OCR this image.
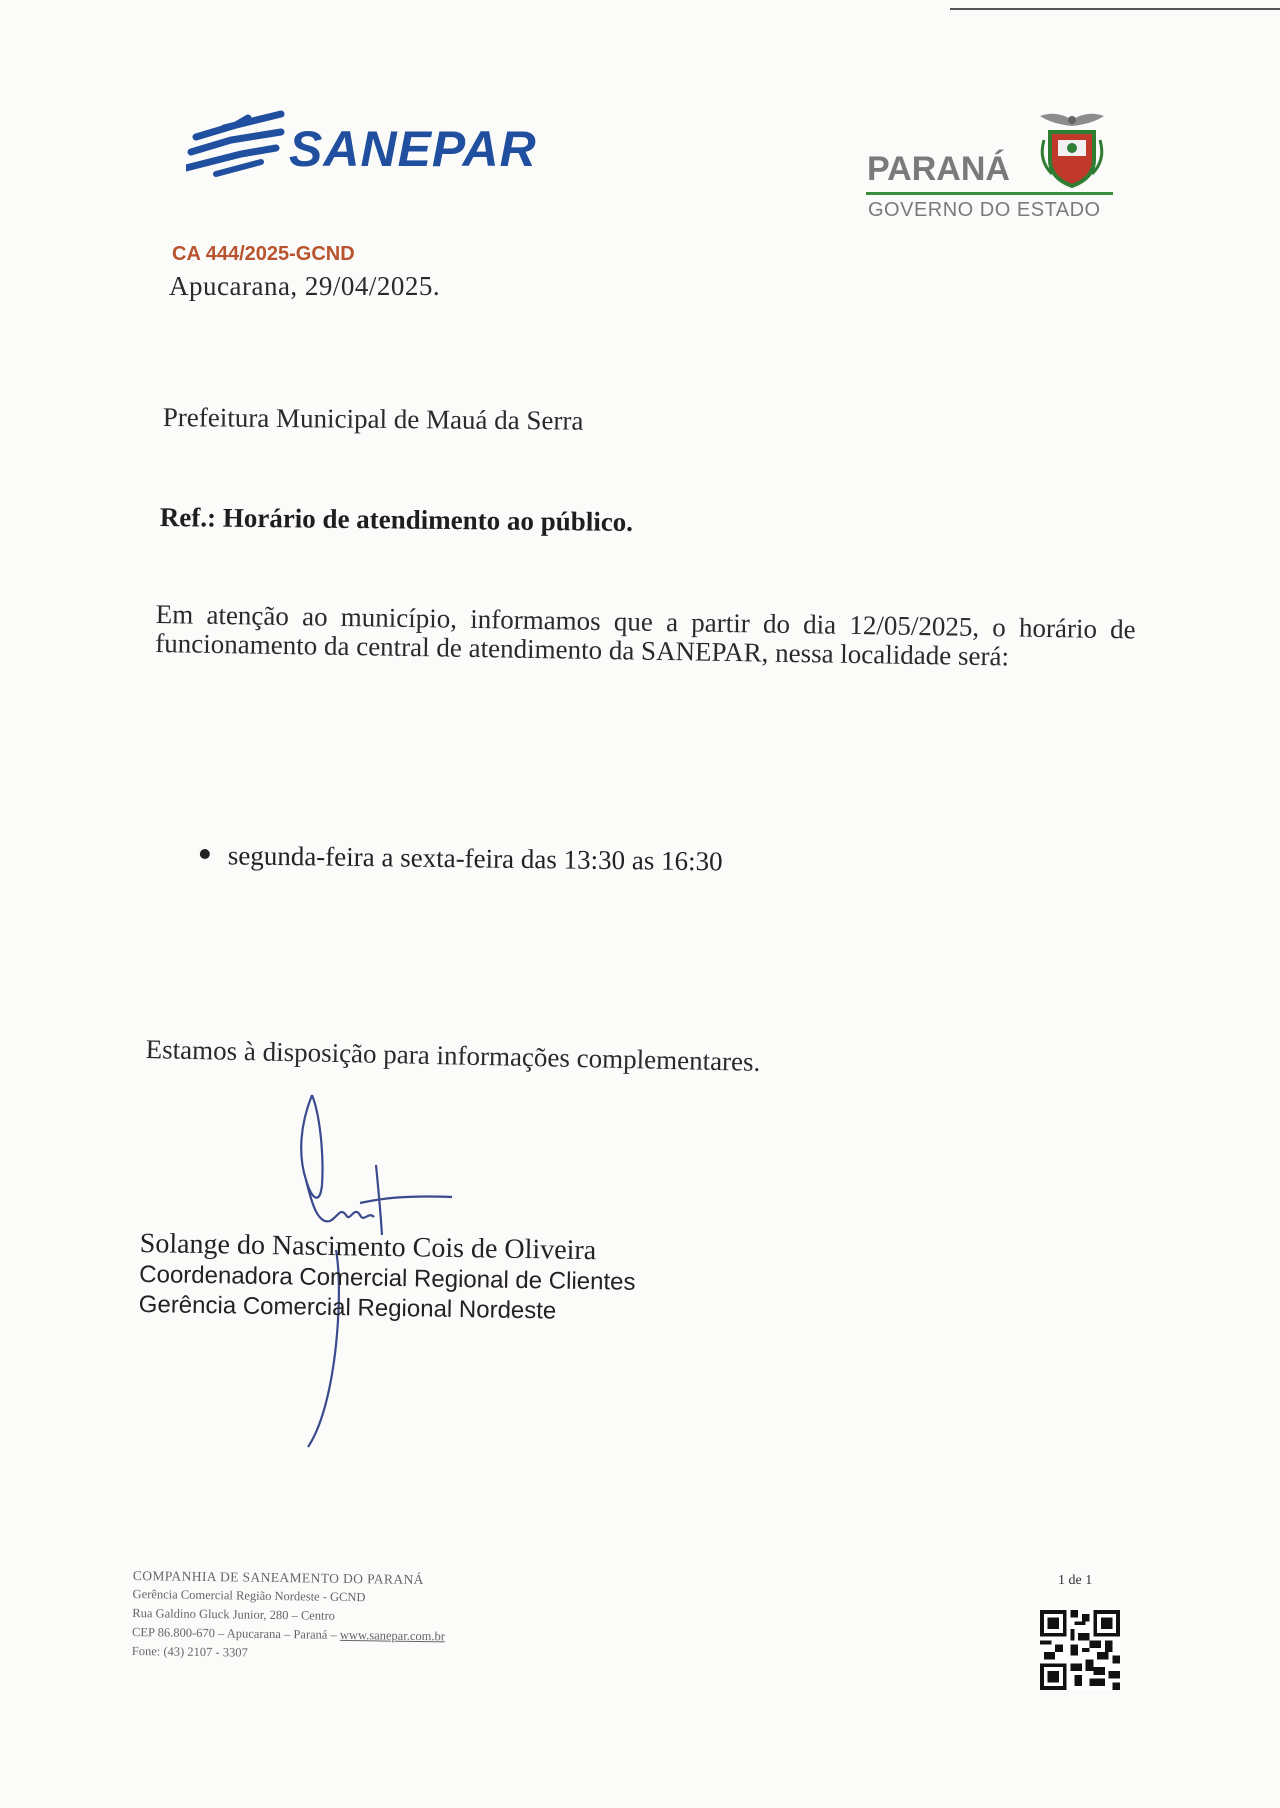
SANEPAR	PARANÁ
GOVERNO DO ESTADO
CA 444/2025-GCND
Apucarana, 29/04/2025.
Prefeitura Municipal de Mauá da Serra
Ref.: Horário de atendimento ao público.
Em atenção ao município, informamos que a partir do dia 12/05/2025, o horário de funcionamento da central de atendimento da SANEPAR, nessa localidade será:
segunda-feira a sexta-feira das 13:30 as 16:30
Estamos à disposição para informações complementares.
Solange do Nascimento Cois de Oliveira
Coordenadora Comercial Regional de Clientes
Gerência Comercial Regional Nordeste
COMPANHIA DE SANEAMENTO DO PARANÁ
Gerência Comercial Região Nordeste - GCND
Rua Galdino Gluck Junior, 280 – Centro
CEP 86.800-670 – Apucarana – Paraná – www.sanepar.com.br
Fone: (43) 2107 - 3307
1 de 1
